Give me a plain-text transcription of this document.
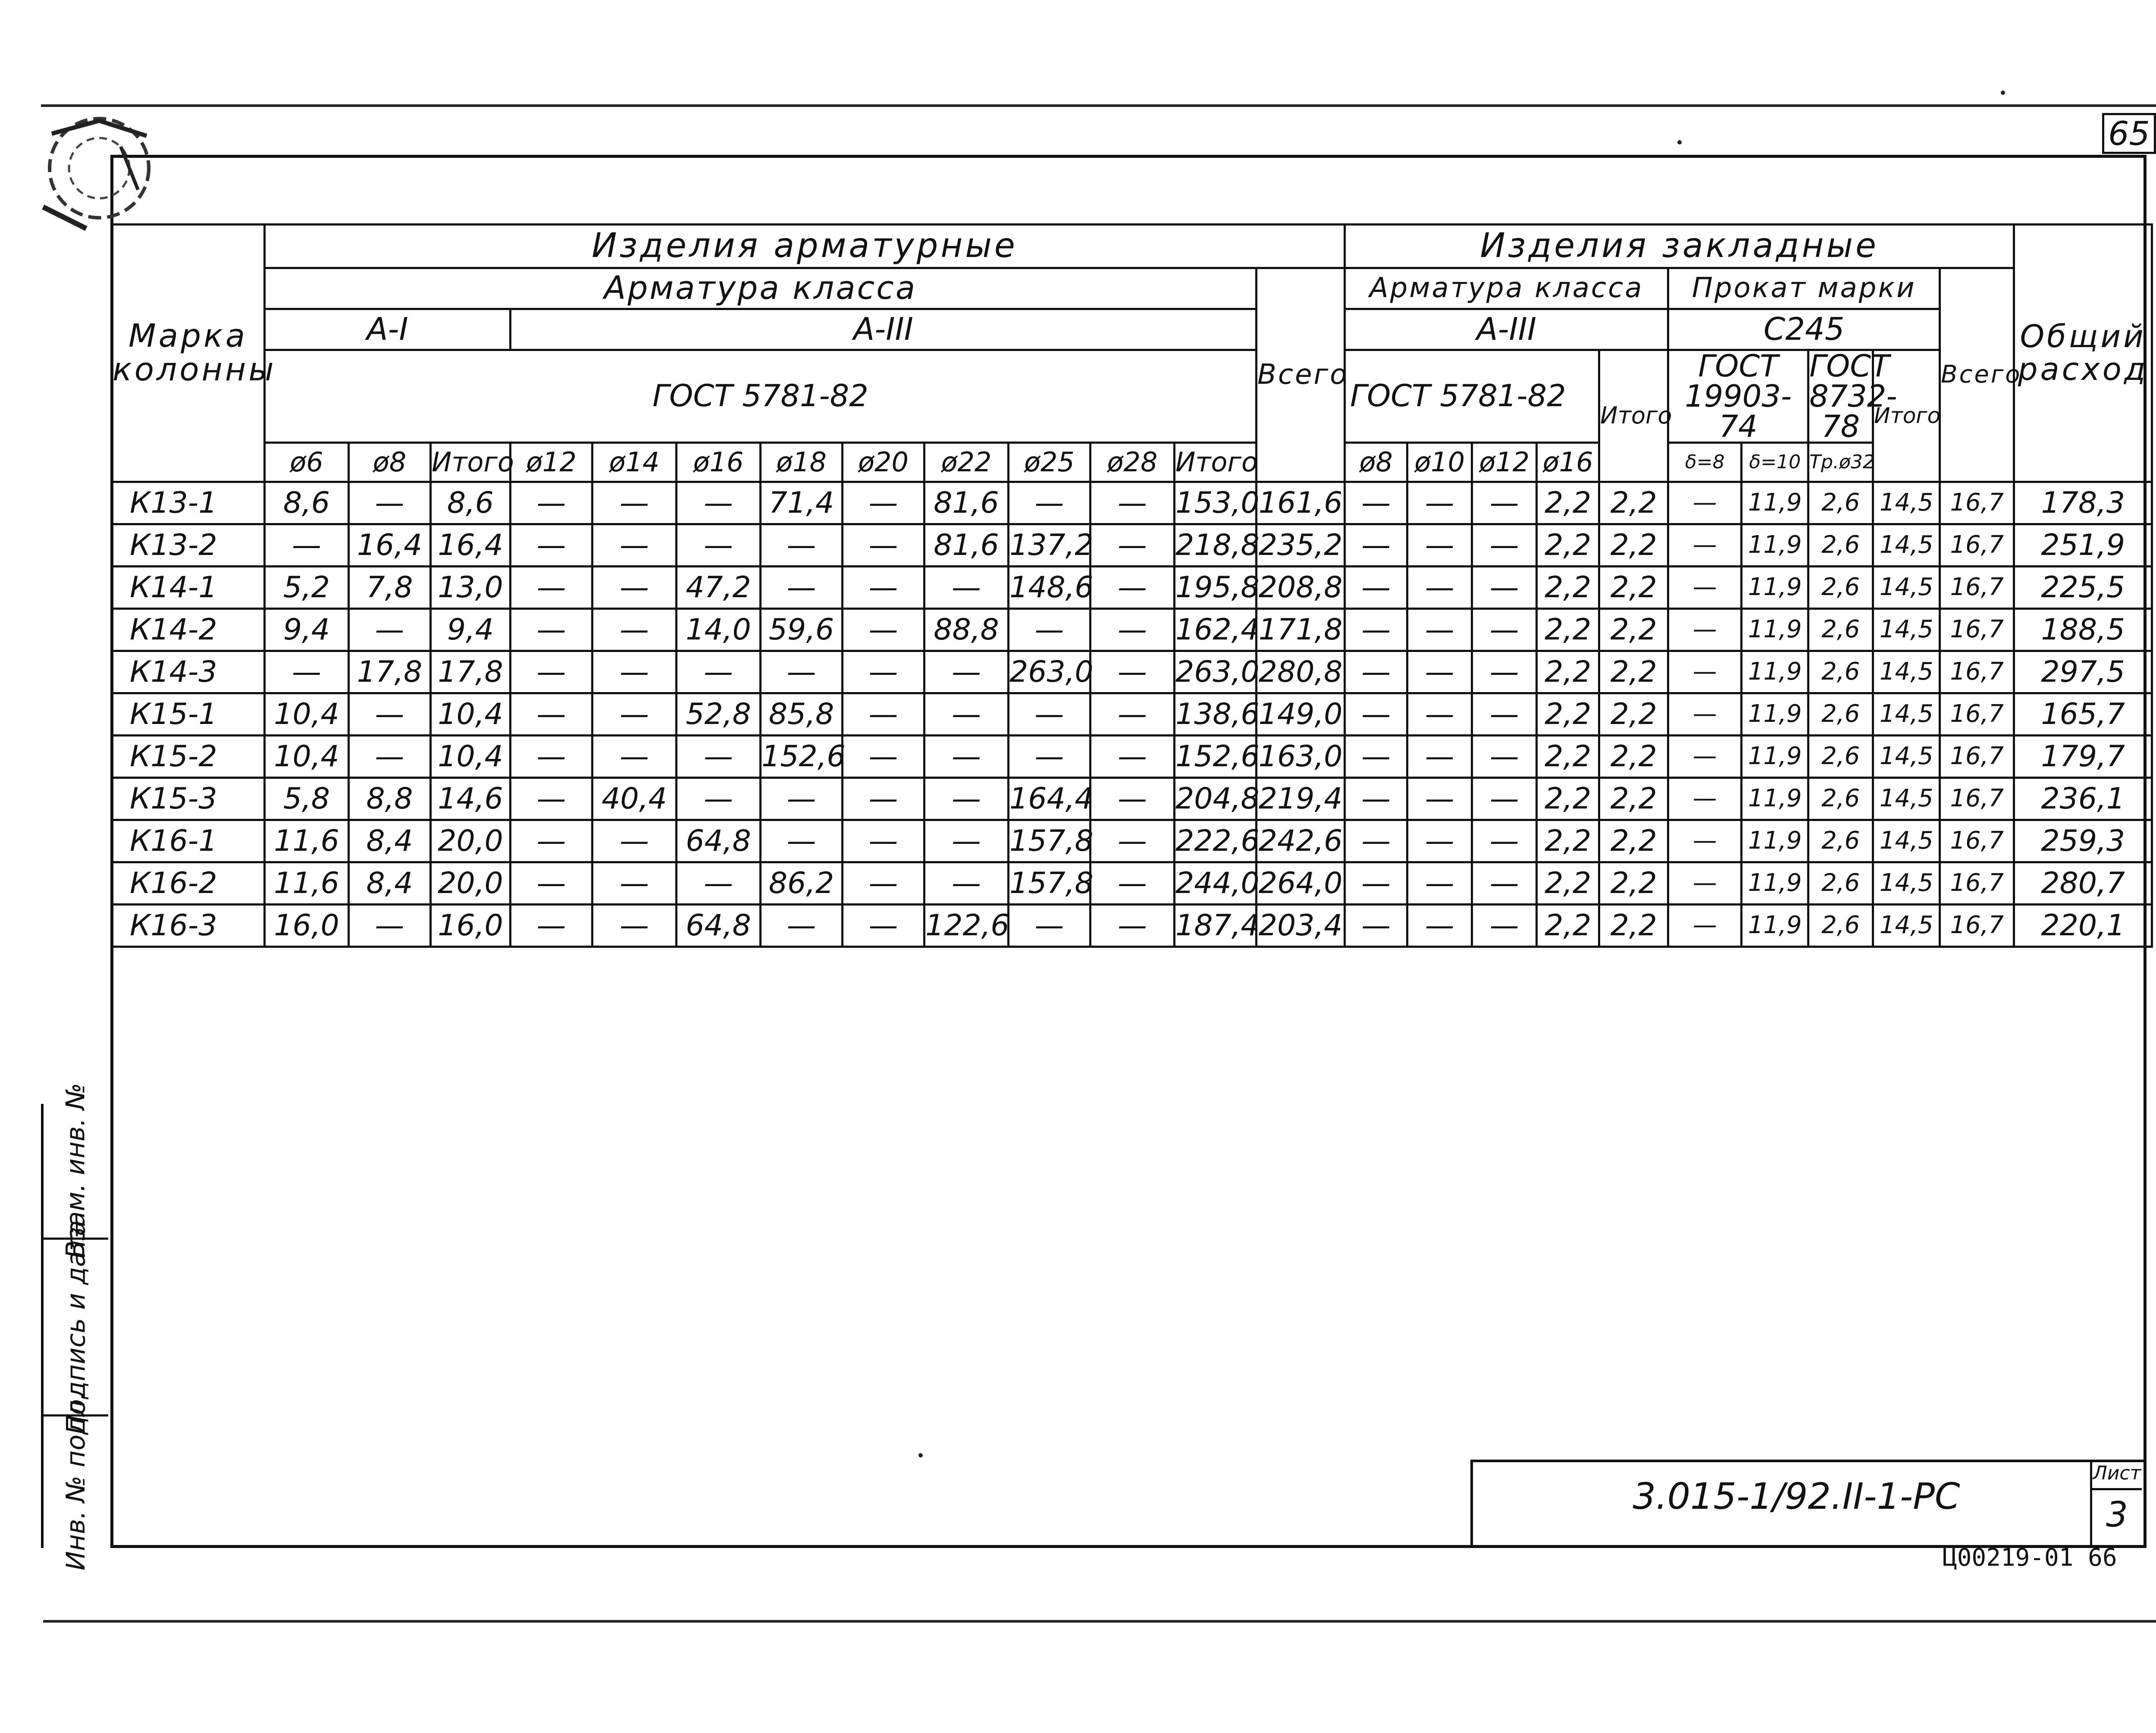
65
Марка колонны	Изделия арматурные													Изделия закладные										Общий расход
	Арматура класса												Всего	Арматура класса					Прокат марки				Всего	
	А-I			А-III										А-III					С245					
	ГОСТ 5781-82													ГОСТ 5781-82				Итого	ГОСТ 19903-74		ГОСТ 8732-78	Итого		
	ø6	ø8	Итого	ø12	ø14	ø16	ø18	ø20	ø22	ø25	ø28	Итого		ø8	ø10	ø12	ø16		δ=8	δ=10	Тр.ø32			
К13-1	8,6	—	8,6	—	—	—	71,4	—	81,6	—	—	153,0	161,6	—	—	—	2,2	2,2	—	11,9	2,6	14,5	16,7	178,3
К13-2	—	16,4	16,4	—	—	—	—	—	81,6	137,2	—	218,8	235,2	—	—	—	2,2	2,2	—	11,9	2,6	14,5	16,7	251,9
К14-1	5,2	7,8	13,0	—	—	47,2	—	—	—	148,6	—	195,8	208,8	—	—	—	2,2	2,2	—	11,9	2,6	14,5	16,7	225,5
К14-2	9,4	—	9,4	—	—	14,0	59,6	—	88,8	—	—	162,4	171,8	—	—	—	2,2	2,2	—	11,9	2,6	14,5	16,7	188,5
К14-3	—	17,8	17,8	—	—	—	—	—	—	263,0	—	263,0	280,8	—	—	—	2,2	2,2	—	11,9	2,6	14,5	16,7	297,5
К15-1	10,4	—	10,4	—	—	52,8	85,8	—	—	—	—	138,6	149,0	—	—	—	2,2	2,2	—	11,9	2,6	14,5	16,7	165,7
К15-2	10,4	—	10,4	—	—	—	152,6	—	—	—	—	152,6	163,0	—	—	—	2,2	2,2	—	11,9	2,6	14,5	16,7	179,7
К15-3	5,8	8,8	14,6	—	40,4	—	—	—	—	164,4	—	204,8	219,4	—	—	—	2,2	2,2	—	11,9	2,6	14,5	16,7	236,1
К16-1	11,6	8,4	20,0	—	—	64,8	—	—	—	157,8	—	222,6	242,6	—	—	—	2,2	2,2	—	11,9	2,6	14,5	16,7	259,3
К16-2	11,6	8,4	20,0	—	—	—	86,2	—	—	157,8	—	244,0	264,0	—	—	—	2,2	2,2	—	11,9	2,6	14,5	16,7	280,7
К16-3	16,0	—	16,0	—	—	64,8	—	—	122,6	—	—	187,4	203,4	—	—	—	2,2	2,2	—	11,9	2,6	14,5	16,7	220,1
Взам. инв. №
Подпись и дата
Инв. № подл.	3.015-1/92.II-1-РС
Лист
3
Ц00219-01 66
